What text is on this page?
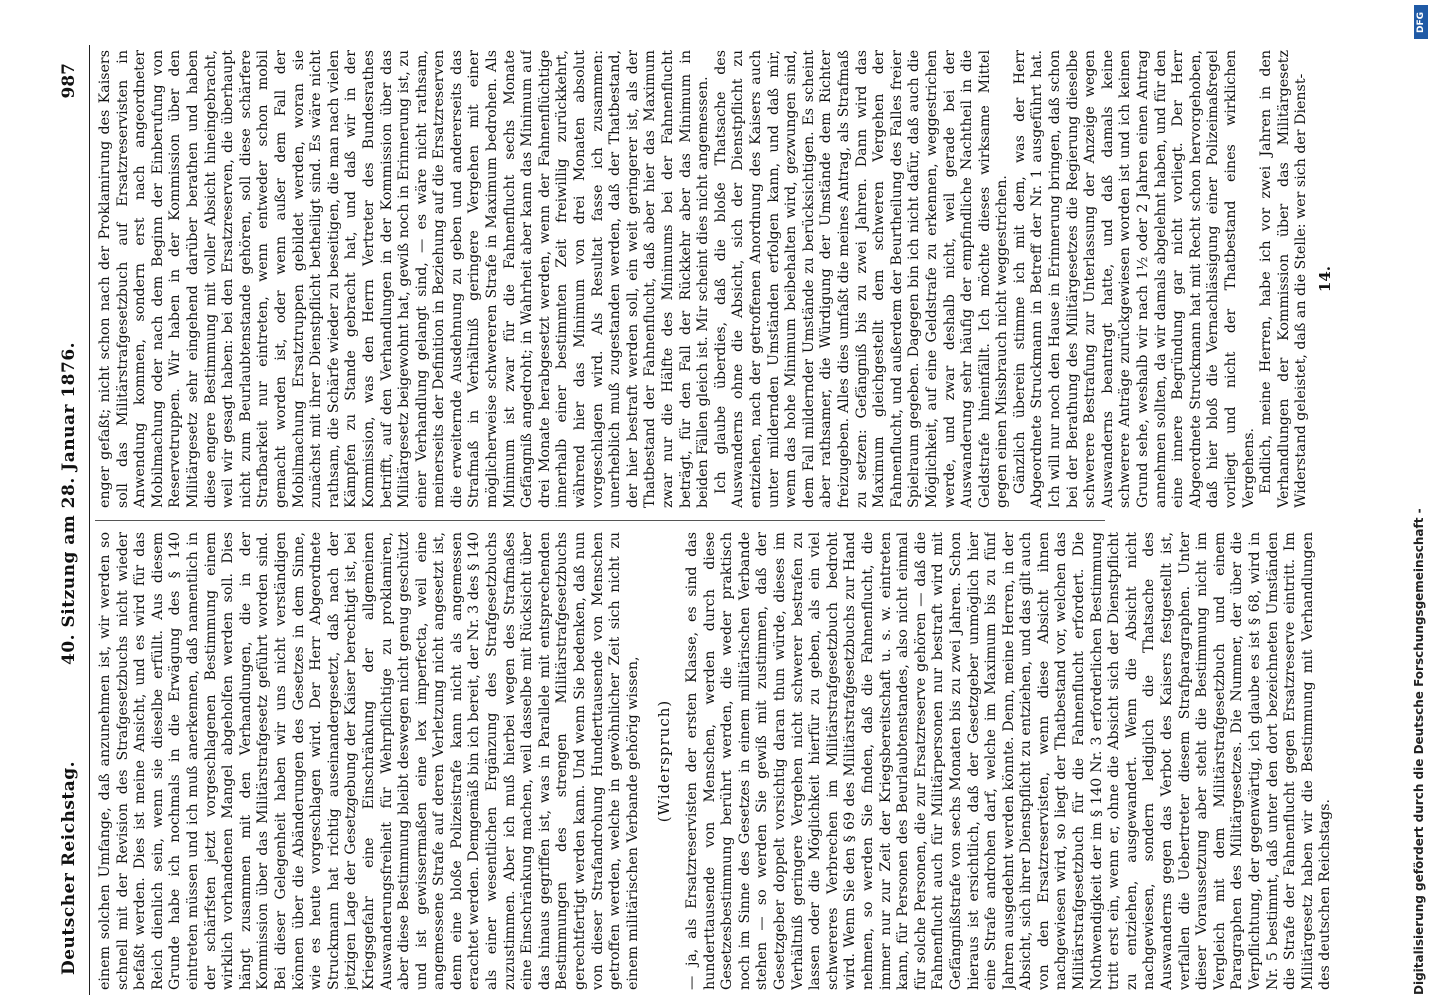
Deutscher Reichstag.
40. Sitzung am 28. Januar 1876.
987

einem solchen Umfange, daß anzunehmen ist, wir werden so schnell mit der Revision des Strafgesetzbuchs nicht wieder befaßt werden. Dies ist meine Ansicht, und es wird für das Reich dienlich sein, wenn sie dieselbe erfüllt. Aus diesem Grunde habe ich nochmals in die Erwägung des § 140 eintreten müssen und ich muß anerkennen, daß namentlich in der schärfsten jetzt vorgeschlagenen Bestimmung einem wirklich vorhandenen Mangel abgeholfen werden soll. Dies hängt zusammen mit den Verhandlungen, die in der Kommission über das Militärstrafgesetz geführt worden sind. Bei dieser Gelegenheit haben wir uns nicht verständigen können über die Abänderungen des Gesetzes in dem Sinne, wie es heute vorgeschlagen wird. Der Herr Abgeordnete Struckmann hat richtig auseinandergesetzt, daß nach der jetzigen Lage der Gesetzgebung der Kaiser berechtigt ist, bei Kriegsgefahr eine Einschränkung der allgemeinen Auswanderungsfreiheit für Wehrpflichtige zu proklamiren, aber diese Bestimmung bleibt deswegen nicht genug geschützt und ist gewissermaßen eine lex imperfecta, weil eine angemessene Strafe auf deren Verletzung nicht angesetzt ist, denn eine bloße Polizeistrafe kann nicht als angemessen erachtet werden. Demgemäß bin ich bereit, der Nr. 3 des § 140 als einer wesentlichen Ergänzung des Strafgesetzbuchs zuzustimmen. Aber ich muß hierbei wegen des Strafmaßes eine Einschränkung machen, weil dasselbe mit Rücksicht über das hinaus gegriffen ist, was in Parallele mit entsprechenden Bestimmungen des strengen Militärstrafgesetzbuchs gerechtfertigt werden kann. Und wenn Sie bedenken, daß nun von dieser Strafandrohung Hunderttausende von Menschen getroffen werden, welche in gewöhnlicher Zeit sich nicht zu einem militärischen Verbande gehörig wissen, (Widerspruch) — ja, als Ersatzreservisten der ersten Klasse, es sind das hunderttausende von Menschen, werden durch diese Gesetzesbestimmung berührt werden, die weder praktisch noch im Sinne des Gesetzes in einem militärischen Verbande stehen — so werden Sie gewiß mit zustimmen, daß der Gesetzgeber doppelt vorsichtig daran thun würde, dieses im Verhältniß geringere Vergehen nicht schwerer bestrafen zu lassen oder die Möglichkeit hierfür zu geben, als ein viel schwereres Verbrechen im Militärstrafgesetzbuch bedroht wird. Wenn Sie den § 69 des Militärstrafgesetzbuchs zur Hand nehmen, so werden Sie finden, daß die Fahnenflucht, die immer nur zur Zeit der Kriegsbereitschaft u. s. w. eintreten kann, für Personen des Beurlaubtenstandes, also nicht einmal für solche Personen, die zur Ersatzreserve gehören — daß die Fahnenflucht auch für Militärpersonen nur bestraft wird mit Gefängnißstrafe von sechs Monaten bis zu zwei Jahren. Schon hieraus ist ersichtlich, daß der Gesetzgeber unmöglich hier eine Strafe androhen darf, welche im Maximum bis zu fünf Jahren ausgedehnt werden könnte. Denn, meine Herren, in der Absicht, sich ihrer Dienstpflicht zu entziehen, und das gilt auch von den Ersatzreservisten, wenn diese Absicht ihnen nachgewiesen wird, so liegt der Thatbestand vor, welchen das Militärstrafgesetzbuch für die Fahnenflucht erfordert. Die Nothwendigkeit der im § 140 Nr. 3 erforderlichen Bestimmung tritt erst ein, wenn er, ohne die Absicht sich der Dienstpflicht zu entziehen, ausgewandert. Wenn die Absicht nicht nachgewiesen, sondern lediglich die Thatsache des Auswanderns gegen das Verbot des Kaisers festgestellt ist, verfallen die Uebertreter diesem Strafparagraphen. Unter dieser Voraussetzung aber steht die Bestimmung nicht im Vergleich mit dem Militärstrafgesetzbuch und einem Paragraphen des Militärgesetzes. Die Nummer, der über die Verpflichtung, der gegenwärtig, ich glaube es ist § 68, wird in Nr. 5 bestimmt, daß unter den dort bezeichneten Umständen die Strafe der Fahnenflucht gegen Ersatzreserve eintritt. Im Militärgesetz haben wir die Bestimmung mit Verhandlungen des deutschen Reichstags.

enger gefaßt; nicht schon nach der Proklamirung des Kaisers soll das Militärstrafgesetzbuch auf Ersatzreservisten in Anwendung kommen, sondern erst nach angeordneter Mobilmachung oder nach dem Beginn der Einberufung von Reservetruppen. Wir haben in der Kommission über den Militärgesetz sehr eingehend darüber berathen und haben diese engere Bestimmung mit voller Absicht hineingebracht, weil wir gesagt haben: bei den Ersatzreserven, die überhaupt nicht zum Beurlaubtenstande gehören, soll diese schärfere Strafbarkeit nur eintreten, wenn entweder schon mobil gemacht worden ist, oder wenn außer dem Fall der Mobilmachung Ersatztruppen gebildet werden, woran sie zunächst mit ihrer Dienstpflicht betheiligt sind. Es wäre nicht rathsam, die Schärfe wieder zu beseitigen, die man nach vielen Kämpfen zu Stande gebracht hat, und daß wir in der Kommission, was den Herrn Vertreter des Bundesrathes betrifft, auf den Verhandlungen in der Kommission über das Militärgesetz beigewohnt hat, gewiß noch in Erinnerung ist, zu einer Verhandlung gelangt sind, — es wäre nicht rathsam, meinerseits der Definition in Beziehung auf die Ersatzreserven die erweiternde Ausdehnung zu geben und andererseits das Strafmaß in Verhältniß geringere Vergehen mit einer möglicherweise schwereren Strafe in Maximum bedrohen. Als Minimum ist zwar für die Fahnenflucht sechs Monate Gefängniß angedroht; in Wahrheit aber kann das Minimum auf drei Monate herabgesetzt werden, wenn der Fahnenflüchtige innerhalb einer bestimmten Zeit freiwillig zurückkehrt, während hier das Minimum von drei Monaten absolut vorgeschlagen wird. Als Resultat fasse ich zusammen: unerheblich muß zugestanden werden, daß der Thatbestand, der hier bestraft werden soll, ein weit geringerer ist, als der Thatbestand der Fahnenflucht, daß aber hier das Maximum zwar nur die Hälfte des Minimums bei der Fahnenflucht beträgt, für den Fall der Rückkehr aber das Minimum in beiden Fällen gleich ist. Mir scheint dies nicht angemessen. Ich glaube überdies, daß die bloße Thatsache des Auswanderns ohne die Absicht, sich der Dienstpflicht zu entziehen, nach der getroffenen Anordnung des Kaisers auch unter mildernden Umständen erfolgen kann, und daß mir, wenn das hohe Minimum beibehalten wird, gezwungen sind, dem Fall mildernder Umstände zu berücksichtigen. Es scheint aber rathsamer, die Würdigung der Umstände dem Richter freizugeben. Alles dies umfaßt die meines Antrag, als Strafmaß zu setzen: Gefängniß bis zu zwei Jahren. Dann wird das Maximum gleichgestellt dem schweren Vergehen der Fahnenflucht, und außerdem der Beurtheilung des Falles freier Spielraum gegeben. Dagegen bin ich nicht dafür, daß auch die Möglichkeit, auf eine Geldstrafe zu erkennen, weggestrichen werde, und zwar deshalb nicht, weil gerade bei der Auswanderung sehr häufig der empfindliche Nachtheil in die Geldstrafe hineinfällt. Ich möchte dieses wirksame Mittel gegen einen Missbrauch nicht weggestrichen. Gänzlich überein stimme ich mit dem, was der Herr Abgeordnete Struckmann in Betreff der Nr. 1 ausgeführt hat. Ich will nur noch den Hause in Erinnerung bringen, daß schon bei der Berathung des Militärgesetzes die Regierung dieselbe schwerere Bestrafung zur Unterlassung der Anzeige wegen Auswanderns beantragt hatte, und daß damals keine schwerere Anträge zurückgewiesen worden ist und ich keinen Grund sehe, weshalb wir nach 1½ oder 2 Jahren einen Antrag annehmen sollten, da wir damals abgelehnt haben, und für den eine innere Begründung gar nicht vorliegt. Der Herr Abgeordnete Struckmann hat mit Recht schon hervorgehoben, daß hier bloß die Vernachlässigung einer Polizeimaßregel vorliegt und nicht der Thatbestand eines wirklichen Vergehens. Endlich, meine Herren, habe ich vor zwei Jahren in den Verhandlungen der Kommission über das Militärgesetz Widerstand geleistet, daß an die Stelle: wer sich der Dienst- 14.
Digitalisierung gefördert durch die Deutsche Forschungsgemeinschaft -
DFG
